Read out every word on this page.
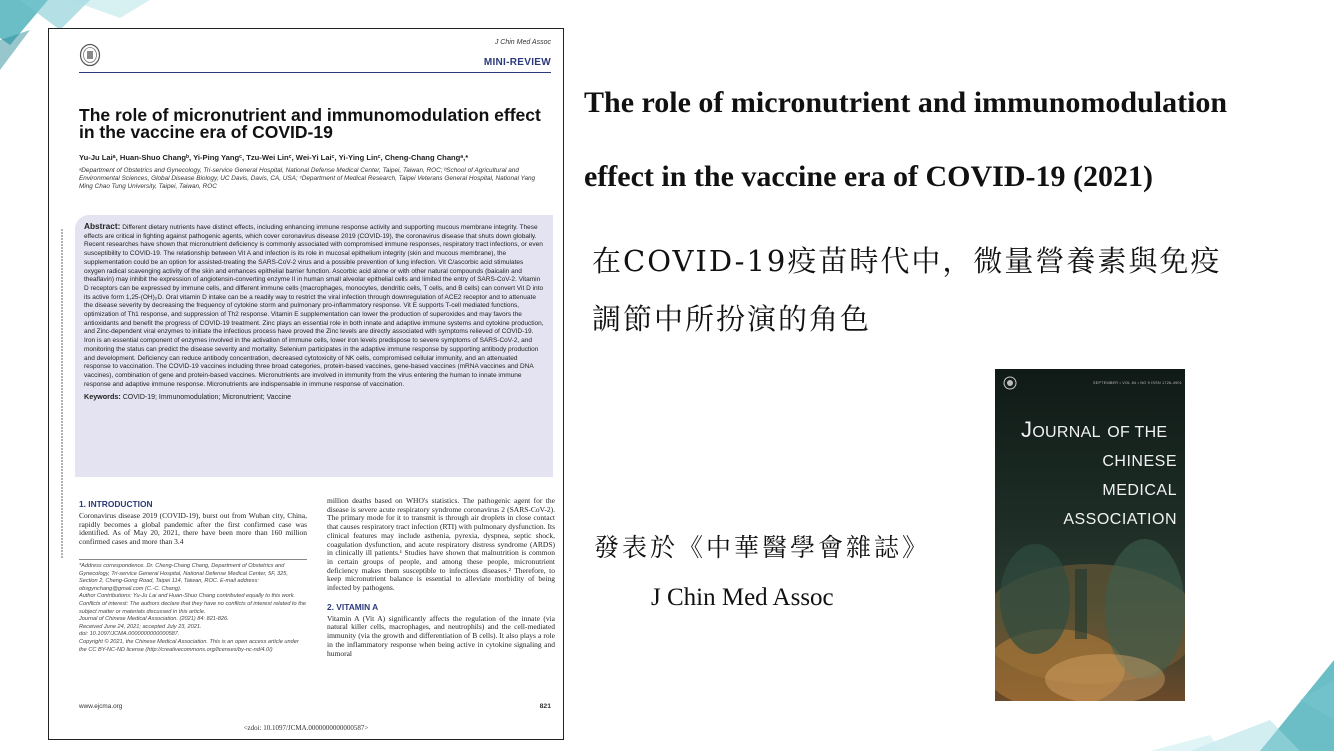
J Chin Med Assoc
MINI-REVIEW
The role of micronutrient and immunomodulation effect in the vaccine era of COVID-19
Yu-Ju Laiᵃ, Huan-Shuo Changᵇ, Yi-Ping Yangᶜ, Tzu-Wei Linᶜ, Wei-Yi Laiᶜ, Yi-Ying Linᶜ, Cheng-Chang Changᵃ,*
ᵃDepartment of Obstetrics and Gynecology, Tri-service General Hospital, National Defense Medical Center, Taipei, Taiwan, ROC; ᵇSchool of Agricultural and Environmental Sciences, Global Disease Biology, UC Davis, Davis, CA, USA; ᶜDepartment of Medical Research, Taipei Veterans General Hospital, National Yang Ming Chao Tung University, Taipei, Taiwan, ROC
Abstract: Different dietary nutrients have distinct effects, including enhancing immune response activity and supporting mucous membrane integrity. These effects are critical in fighting against pathogenic agents, which cover coronavirus disease 2019 (COVID-19), the coronavirus disease that shuts down globally. Recent researches have shown that micronutrient deficiency is commonly associated with compromised immune responses, respiratory tract infections, or even susceptibility to COVID-19. The relationship between Vit A and infection is its role in mucosal epithelium integrity (skin and mucous membrane), the supplementation could be an option for assisted-treating the SARS-CoV-2 virus and a possible prevention of lung infection. Vit C/ascorbic acid stimulates oxygen radical scavenging activity of the skin and enhances epithelial barrier function. Ascorbic acid alone or with other natural compounds (baicalin and theaflavin) may inhibit the expression of angiotensin-converting enzyme II in human small alveolar epithelial cells and limited the entry of SARS-CoV-2. Vitamin D receptors can be expressed by immune cells, and different immune cells (macrophages, monocytes, dendritic cells, T cells, and B cells) can convert Vit D into its active form 1,25-(OH)₂D. Oral vitamin D intake can be a readily way to restrict the viral infection through downregulation of ACE2 receptor and to attenuate the disease severity by decreasing the frequency of cytokine storm and pulmonary pro-inflammatory response. Vit E supports T-cell mediated functions, optimization of Th1 response, and suppression of Th2 response. Vitamin E supplementation can lower the production of superoxides and may favors the antioxidants and benefit the progress of COVID-19 treatment. Zinc plays an essential role in both innate and adaptive immune systems and cytokine production, and Zinc-dependent viral enzymes to initiate the infectious process have proved the Zinc levels are directly associated with symptoms relieved of COVID-19. Iron is an essential component of enzymes involved in the activation of immune cells, lower iron levels predispose to severe symptoms of SARS-CoV-2, and monitoring the status can predict the disease severity and mortality. Selenium participates in the adaptive immune response by supporting antibody production and development. Deficiency can reduce antibody concentration, decreased cytotoxicity of NK cells, compromised cellular immunity, and an attenuated response to vaccination. The COVID-19 vaccines including three broad categories, protein-based vaccines, gene-based vaccines (mRNA vaccines and DNA vaccines), combination of gene and protein-based vaccines. Micronutrients are involved in immunity from the virus entering the human to innate immune response and adaptive immune response. Micronutrients are indispensable in immune response of vaccination.
Keywords: COVID-19; Immunomodulation; Micronutrient; Vaccine
1. INTRODUCTION
Coronavirus disease 2019 (COVID-19), burst out from Wuhan city, China, rapidly becomes a global pandemic after the first confirmed case was identified. As of May 20, 2021, there have been more than 160 million confirmed cases and more than 3.4
*Address correspondence. Dr. Cheng-Chang Chang, Department of Obstetrics and Gynecology, Tri-service General Hospital, National Defense Medical Center, 5F, 325, Section 2, Cheng-Gong Road, Taipei 114, Taiwan, ROC. E-mail address: obsgynchang@gmail.com (C.-C. Chang).
Author Contributions: Yu-Ju Lai and Huan-Shuo Chang contributed equally to this work.
Conflicts of interest: The authors declare that they have no conflicts of interest related to the subject matter or materials discussed in this article.
Journal of Chinese Medical Association. (2021) 84: 821-826.
Received June 24, 2021; accepted July 23, 2021.
doi: 10.1097/JCMA.0000000000000587.
Copyright © 2021, the Chinese Medical Association. This is an open access article under the CC BY-NC-ND license (http://creativecommons.org/licenses/by-nc-nd/4.0/)
million deaths based on WHO's statistics. The pathogenic agent for the disease is severe acute respiratory syndrome coronavirus 2 (SARS-CoV-2). The primary mode for it to transmit is through air droplets in close contact that causes respiratory tract infection (RTI) with pulmonary dysfunction. Its clinical features may include asthenia, pyrexia, dyspnea, septic shock, coagulation dysfunction, and acute respiratory distress syndrome (ARDS) in clinically ill patients.¹ Studies have shown that malnutrition is common in certain groups of people, and among these people, micronutrient deficiency makes them susceptible to infectious diseases.² Therefore, to keep micronutrient balance is essential to alleviate morbidity of being infected by pathogens.
2. VITAMIN A
Vitamin A (Vit A) significantly affects the regulation of the innate (via natural killer cells, macrophages, and neutrophils) and the cell-mediated immunity (via the growth and differentiation of B cells). It also plays a role in the inflammatory response when being active in cytokine signaling and humoral
www.ejcma.org	821
<zdoi: 10.1097/JCMA.0000000000000587>
The role of micronutrient and immunomodulation
effect in the vaccine era of COVID-19 (2021)
在COVID-19疫苗時代中，微量營養素與免疫
調節中所扮演的角色
發表於《中華醫學會雜誌》
J Chin Med Assoc
SEPTEMBER • VOL 84 • NO 9 ISSN 1726-4901
JOURNAL OF THE
CHINESE
MEDICAL
ASSOCIATION
